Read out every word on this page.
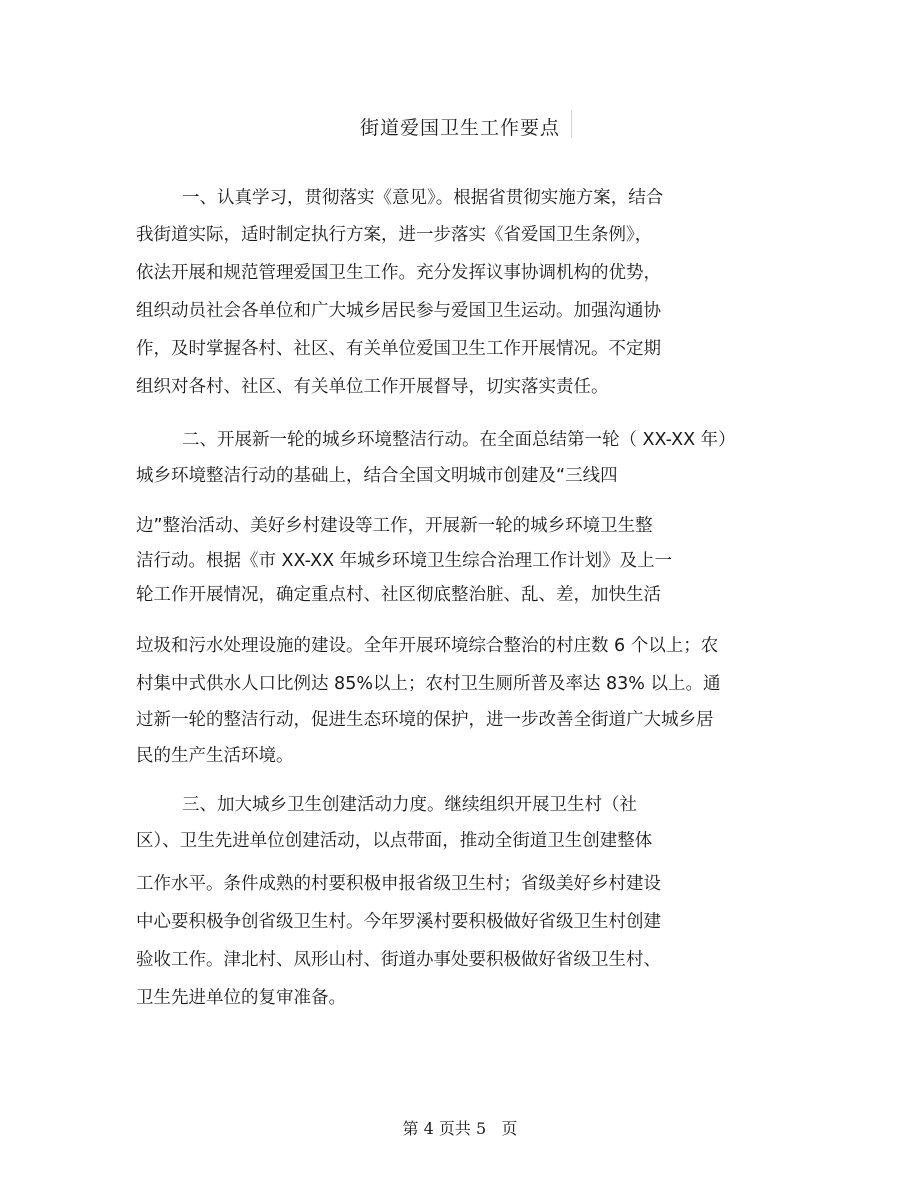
街道爱国卫生工作要点
一、认真学习，贯彻落实《意见》。根据省贯彻实施方案，结合
我街道实际，适时制定执行方案，进一步落实《省爱国卫生条例》，
依法开展和规范管理爱国卫生工作。充分发挥议事协调机构的优势，
组织动员社会各单位和广大城乡居民参与爱国卫生运动。加强沟通协
作，及时掌握各村、社区、有关单位爱国卫生工作开展情况。不定期
组织对各村、社区、有关单位工作开展督导，切实落实责任。
二、开展新一轮的城乡环境整洁行动。在全面总结第一轮（ XX-XX 年）
城乡环境整洁行动的基础上，结合全国文明城市创建及“三线四
边”整治活动、美好乡村建设等工作，开展新一轮的城乡环境卫生整
洁行动。根据《市 XX-XX 年城乡环境卫生综合治理工作计划》及上一
轮工作开展情况，确定重点村、社区彻底整治脏、乱、差，加快生活
垃圾和污水处理设施的建设。全年开展环境综合整治的村庄数 6 个以上；农
村集中式供水人口比例达 85%以上；农村卫生厕所普及率达 83% 以上。通
过新一轮的整洁行动，促进生态环境的保护，进一步改善全街道广大城乡居
民的生产生活环境。
三、加大城乡卫生创建活动力度。继续组织开展卫生村（社
区）、卫生先进单位创建活动，以点带面，推动全街道卫生创建整体
工作水平。条件成熟的村要积极申报省级卫生村；省级美好乡村建设
中心要积极争创省级卫生村。今年罗溪村要积极做好省级卫生村创建
验收工作。津北村、凤形山村、街道办事处要积极做好省级卫生村、
卫生先进单位的复审准备。
第 4 页共 5   页
